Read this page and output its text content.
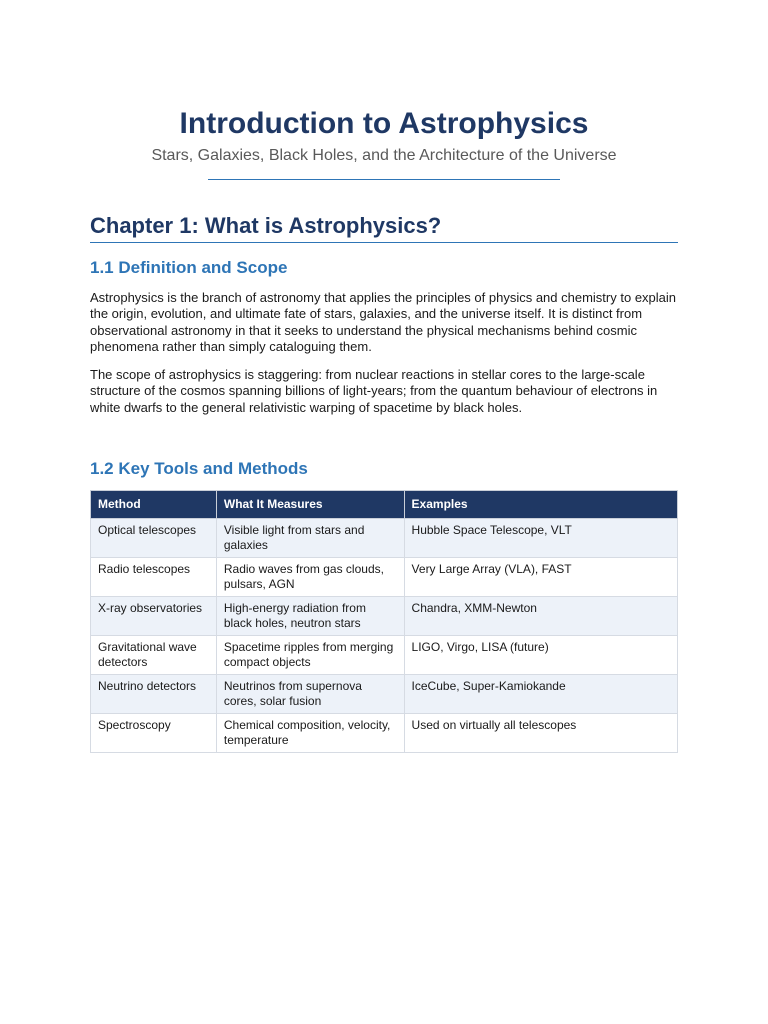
Introduction to Astrophysics
Stars, Galaxies, Black Holes, and the Architecture of the Universe
Chapter 1: What is Astrophysics?
1.1 Definition and Scope

Astrophysics is the branch of astronomy that applies the principles of physics and chemistry to explain the origin, evolution, and ultimate fate of stars, galaxies, and the universe itself. It is distinct from observational astronomy in that it seeks to understand the physical mechanisms behind cosmic phenomena rather than simply cataloguing them.

The scope of astrophysics is staggering: from nuclear reactions in stellar cores to the large-scale structure of the cosmos spanning billions of light-years; from the quantum behaviour of electrons in white dwarfs to the general relativistic warping of spacetime by black holes.

1.2 Key Tools and Methods
Method	What It Measures	Examples
Optical telescopes	Visible light from stars and galaxies	Hubble Space Telescope, VLT
Radio telescopes	Radio waves from gas clouds, pulsars, AGN	Very Large Array (VLA), FAST
X-ray observatories	High-energy radiation from black holes, neutron stars	Chandra, XMM-Newton
Gravitational wave detectors	Spacetime ripples from merging compact objects	LIGO, Virgo, LISA (future)
Neutrino detectors	Neutrinos from supernova cores, solar fusion	IceCube, Super-Kamiokande
Spectroscopy	Chemical composition, velocity, temperature	Used on virtually all telescopes
